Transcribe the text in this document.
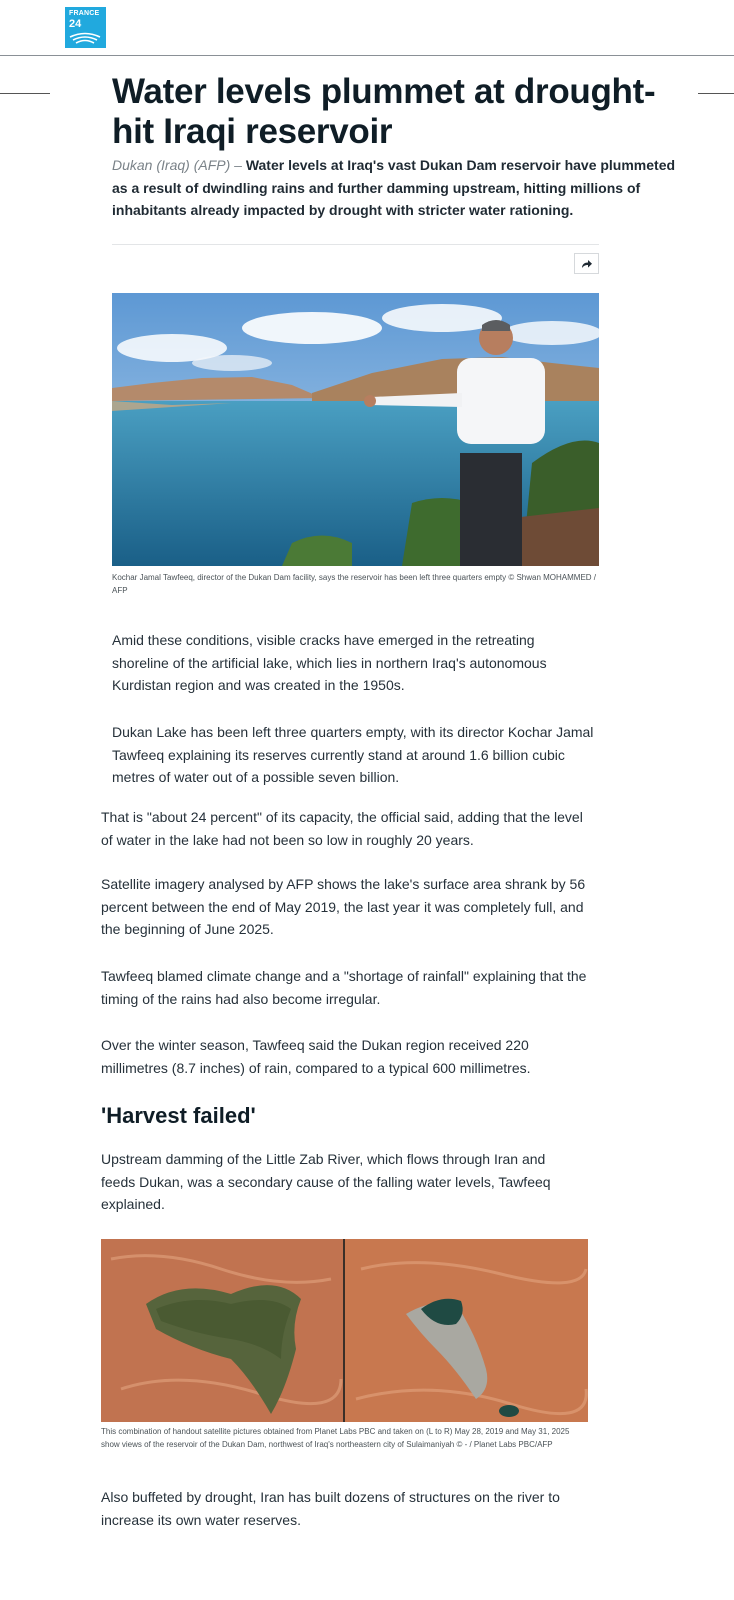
FRANCE
24
Water levels plummet at drought-hit Iraqi reservoir

Dukan (Iraq) (AFP) – Water levels at Iraq's vast Dukan Dam reservoir have plummeted as a result of dwindling rains and further damming upstream, hitting millions of inhabitants already impacted by drought with stricter water rationing.

Kochar Jamal Tawfeeq, director of the Dukan Dam facility, says the reservoir has been left three quarters empty © Shwan MOHAMMED / AFP

Amid these conditions, visible cracks have emerged in the retreating shoreline of the artificial lake, which lies in northern Iraq's autonomous Kurdistan region and was created in the 1950s.

Dukan Lake has been left three quarters empty, with its director Kochar Jamal Tawfeeq explaining its reserves currently stand at around 1.6 billion cubic metres of water out of a possible seven billion.

That is "about 24 percent" of its capacity, the official said, adding that the level of water in the lake had not been so low in roughly 20 years.

Satellite imagery analysed by AFP shows the lake's surface area shrank by 56 percent between the end of May 2019, the last year it was completely full, and the beginning of June 2025.

Tawfeeq blamed climate change and a "shortage of rainfall" explaining that the timing of the rains had also become irregular.

Over the winter season, Tawfeeq said the Dukan region received 220 millimetres (8.7 inches) of rain, compared to a typical 600 millimetres.

'Harvest failed'

Upstream damming of the Little Zab River, which flows through Iran and feeds Dukan, was a secondary cause of the falling water levels, Tawfeeq explained.

This combination of handout satellite pictures obtained from Planet Labs PBC and taken on (L to R) May 28, 2019 and May 31, 2025 show views of the reservoir of the Dukan Dam, northwest of Iraq's northeastern city of Sulaimaniyah © - / Planet Labs PBC/AFP

Also buffeted by drought, Iran has built dozens of structures on the river to increase its own water reserves.
